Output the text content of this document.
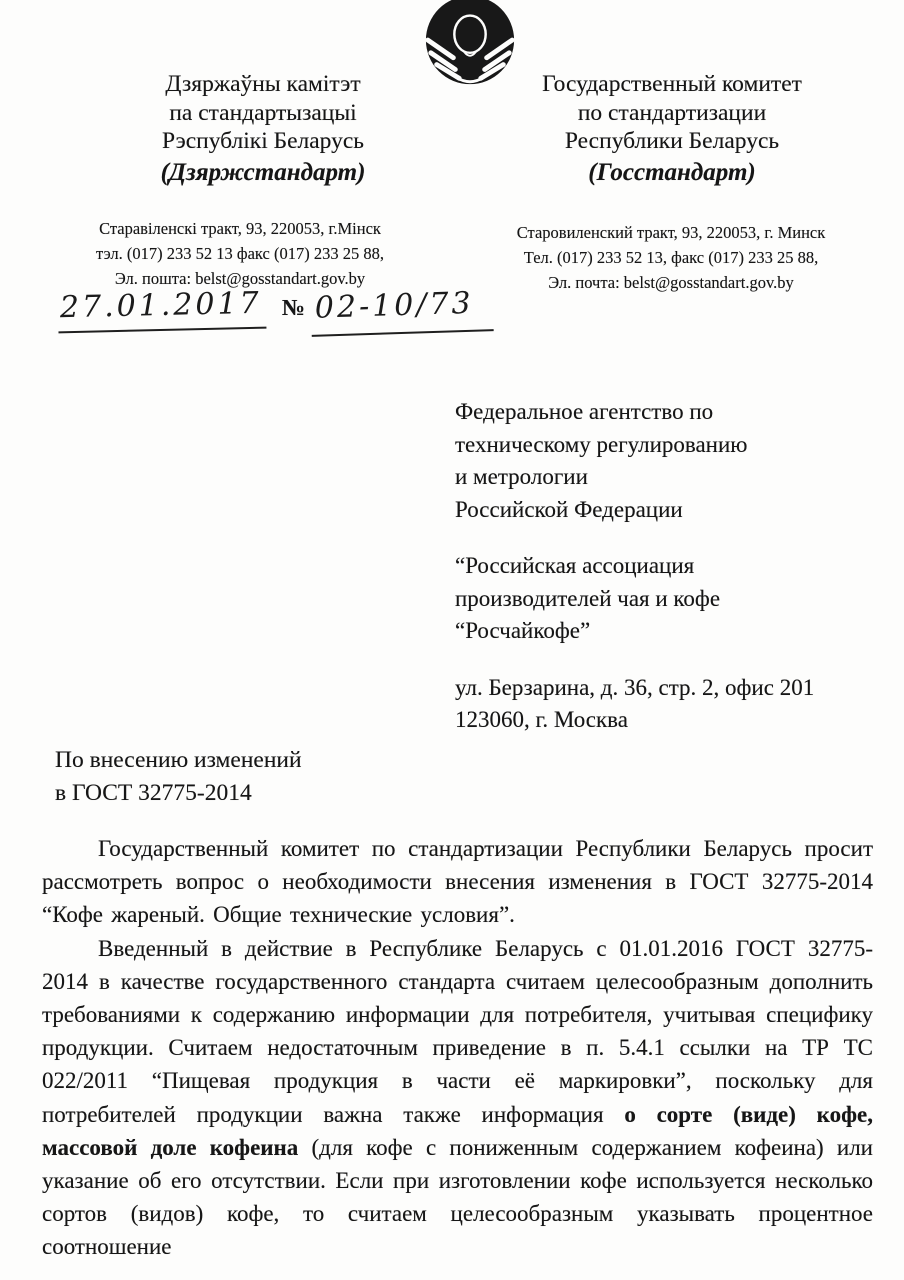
Дзяржаўны камітэт
па стандартызацыі
Рэспублікі Беларусь
(Дзяржстандарт)
Государственный комитет
по стандартизации
Республики Беларусь
(Госстандарт)
Старавіленскі тракт, 93, 220053, г.Мінск
тэл. (017) 233 52 13 факс (017) 233 25 88,
Эл. пошта: belst@gosstandart.gov.by
Старовиленский тракт, 93, 220053, г. Минск
Тел. (017) 233 52 13, факс (017) 233 25 88,
Эл. почта: belst@gosstandart.gov.by
27.01.2017 № 02-10/73
Федеральное агентство по
техническому регулированию
и метрологии
Российской Федерации
“Российская ассоциация
производителей чая и кофе
“Росчайкофе”
ул. Берзарина, д. 36, стр. 2, офис 201
123060, г. Москва
По внесению изменений
в ГОСТ 32775-2014

Государственный комитет по стандартизации Республики Беларусь просит рассмотреть вопрос о необходимости внесения изменения в ГОСТ 32775-2014 “Кофе жареный. Общие технические условия”.

Введенный в действие в Республике Беларусь с 01.01.2016 ГОСТ 32775-2014 в качестве государственного стандарта считаем целесообразным дополнить требованиями к содержанию информации для потребителя, учитывая специфику продукции. Считаем недостаточным приведение в п. 5.4.1 ссылки на ТР ТС 022/2011 “Пищевая продукция в части её маркировки”, поскольку для потребителей продукции важна также информация о сорте (виде) кофе, массовой доле кофеина (для кофе с пониженным содержанием кофеина) или указание об его отсутствии. Если при изготовлении кофе используется несколько сортов (видов) кофе, то считаем целесообразным указывать процентное соотношение
